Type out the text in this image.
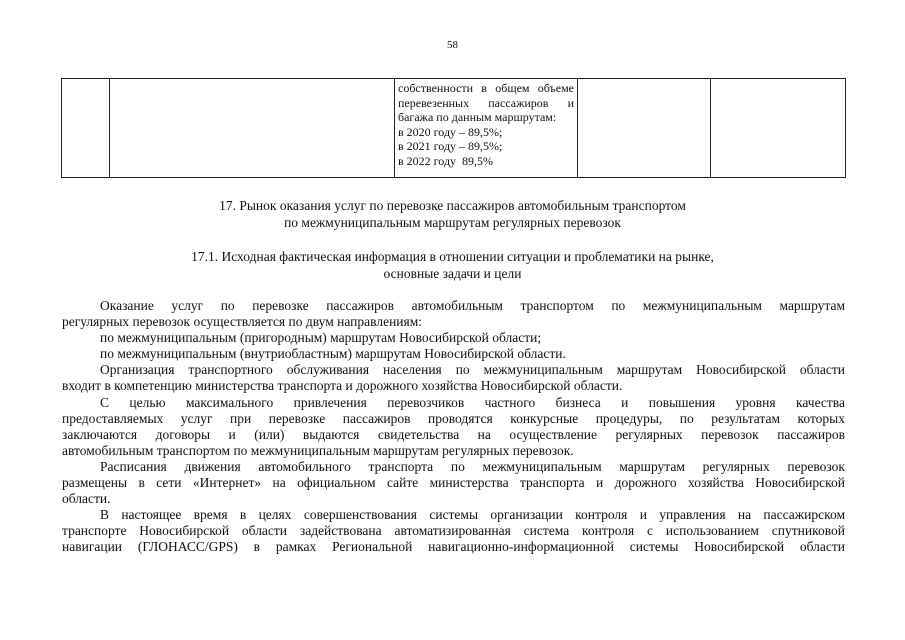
58

собственности в общем объеме
перевезенных пассажиров и
багажа по данным маршрутам:
в 2020 году – 89,5%;
в 2021 году – 89,5%;
в 2022 году  89,5%

17. Рынок оказания услуг по перевозке пассажиров автомобильным транспортом
по межмуниципальным маршрутам регулярных перевозок
17.1. Исходная фактическая информация в отношении ситуации и проблематики на рынке,
основные задачи и цели
Оказание услуг по перевозке пассажиров автомобильным транспортом по межмуниципальным маршрутам
регулярных перевозок осуществляется по двум направлениям:
по межмуниципальным (пригородным) маршрутам Новосибирской области;
по межмуниципальным (внутриобластным) маршрутам Новосибирской области.
Организация транспортного обслуживания населения по межмуниципальным маршрутам Новосибирской области
входит в компетенцию министерства транспорта и дорожного хозяйства Новосибирской области.
С целью максимального привлечения перевозчиков частного бизнеса и повышения уровня качества
предоставляемых услуг при перевозке пассажиров проводятся конкурсные процедуры, по результатам которых
заключаются договоры и (или) выдаются свидетельства на осуществление регулярных перевозок пассажиров
автомобильным транспортом по межмуниципальным маршрутам регулярных перевозок.
Расписания движения автомобильного транспорта по межмуниципальным маршрутам регулярных перевозок
размещены в сети «Интернет» на официальном сайте министерства транспорта и дорожного хозяйства Новосибирской
области.
В настоящее время в целях совершенствования системы организации контроля и управления на пассажирском
транспорте Новосибирской области задействована автоматизированная система контроля с использованием спутниковой
навигации (ГЛОНАСС/GPS) в рамках Региональной навигационно-информационной системы Новосибирской области
